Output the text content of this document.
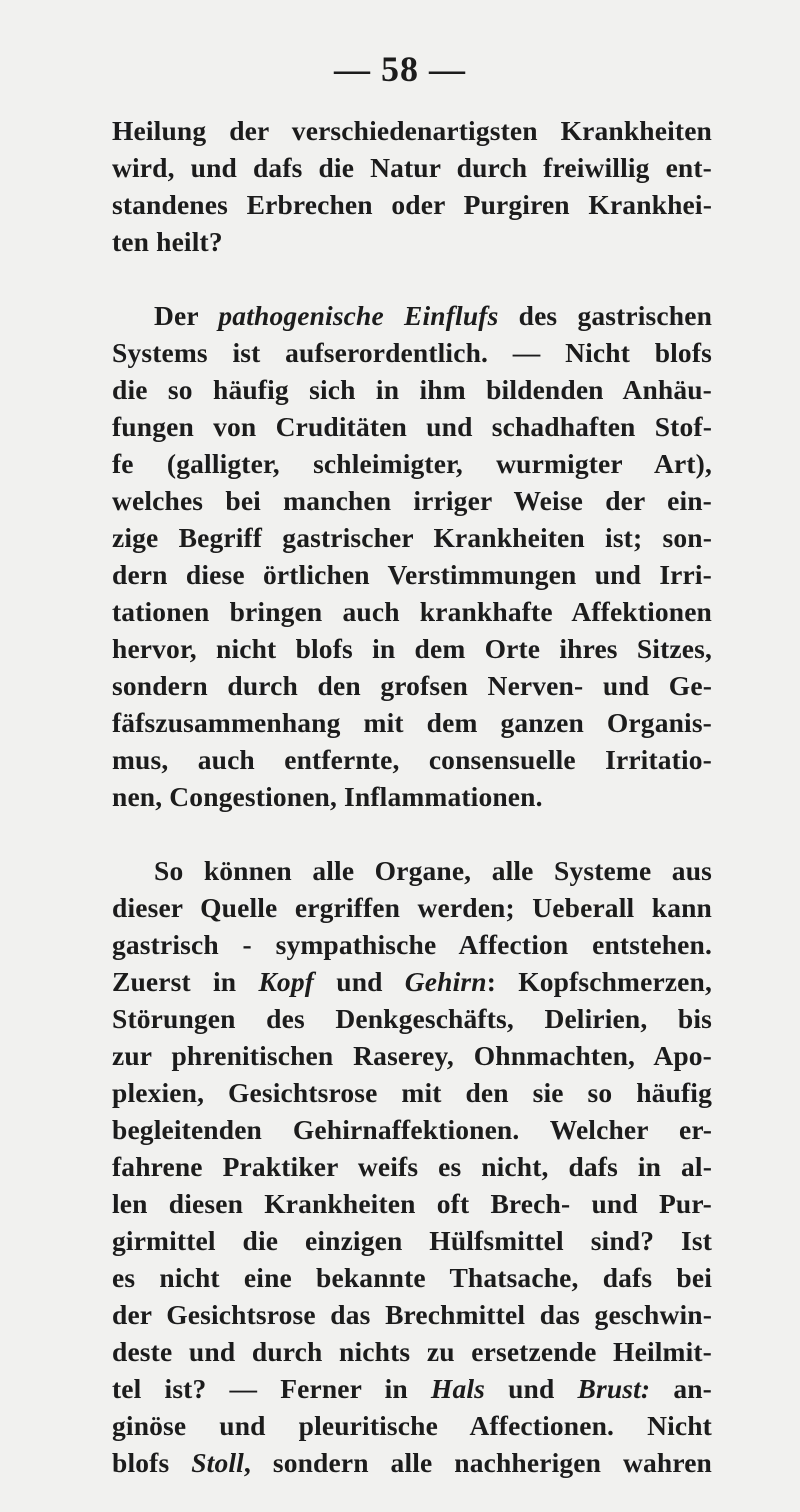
— 58 —
Heilung der verschiedenartigsten Krankheiten
wird, und dafs die Natur durch freiwillig ent-
standenes Erbrechen oder Purgiren Krankhei-
ten heilt?
Der pathogenische Einflufs des gastrischen
Systems ist aufserordentlich. — Nicht blofs
die so häufig sich in ihm bildenden Anhäu-
fungen von Cruditäten und schadhaften Stof-
fe (galligter, schleimigter, wurmigter Art),
welches bei manchen irriger Weise der ein-
zige Begriff gastrischer Krankheiten ist; son-
dern diese örtlichen Verstimmungen und Irri-
tationen bringen auch krankhafte Affektionen
hervor, nicht blofs in dem Orte ihres Sitzes,
sondern durch den grofsen Nerven- und Ge-
fäfszusammenhang mit dem ganzen Organis-
mus, auch entfernte, consensuelle Irritatio-
nen, Congestionen, Inflammationen.
So können alle Organe, alle Systeme aus
dieser Quelle ergriffen werden; Ueberall kann
gastrisch - sympathische Affection entstehen.
Zuerst in Kopf und Gehirn: Kopfschmerzen,
Störungen des Denkgeschäfts, Delirien, bis
zur phrenitischen Raserey, Ohnmachten, Apo-
plexien, Gesichtsrose mit den sie so häufig
begleitenden Gehirnaffektionen. Welcher er-
fahrene Praktiker weifs es nicht, dafs in al-
len diesen Krankheiten oft Brech- und Pur-
girmittel die einzigen Hülfsmittel sind? Ist
es nicht eine bekannte Thatsache, dafs bei
der Gesichtsrose das Brechmittel das geschwin-
deste und durch nichts zu ersetzende Heilmit-
tel ist? — Ferner in Hals und Brust: an-
ginöse und pleuritische Affectionen. Nicht
blofs Stoll, sondern alle nachherigen wahren
